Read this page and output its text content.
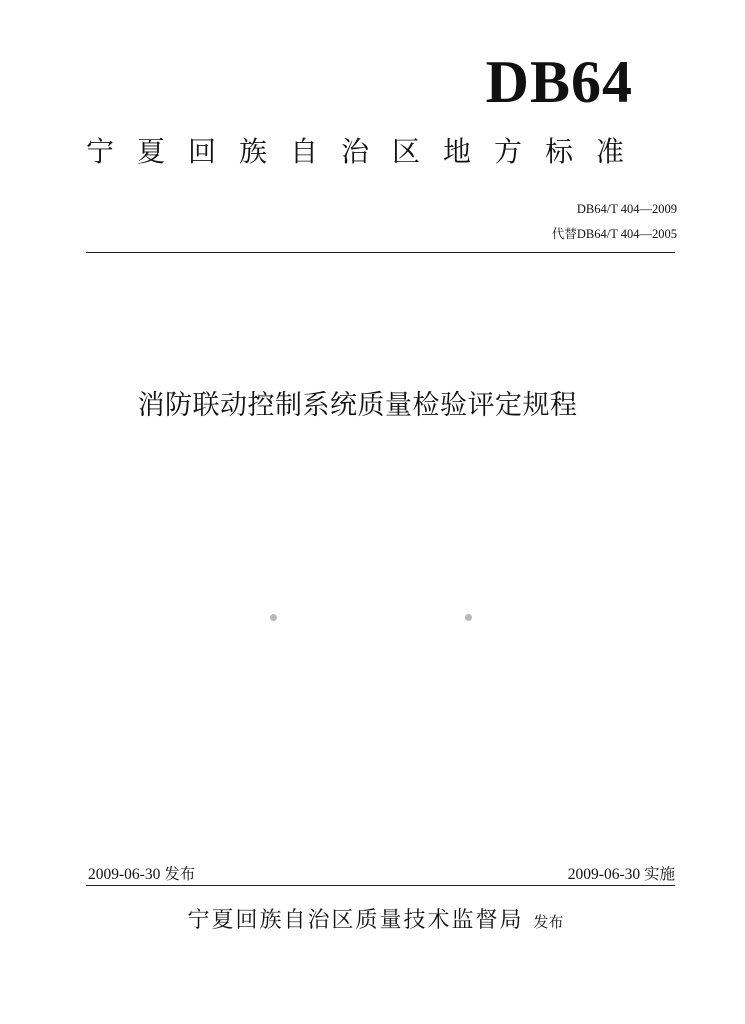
DB64
宁夏回族自治区地方标准
DB64/T 404—2009
代替DB64/T 404—2005
消防联动控制系统质量检验评定规程
2009-06-30 发布	2009-06-30 实施
宁夏回族自治区质量技术监督局 发布
